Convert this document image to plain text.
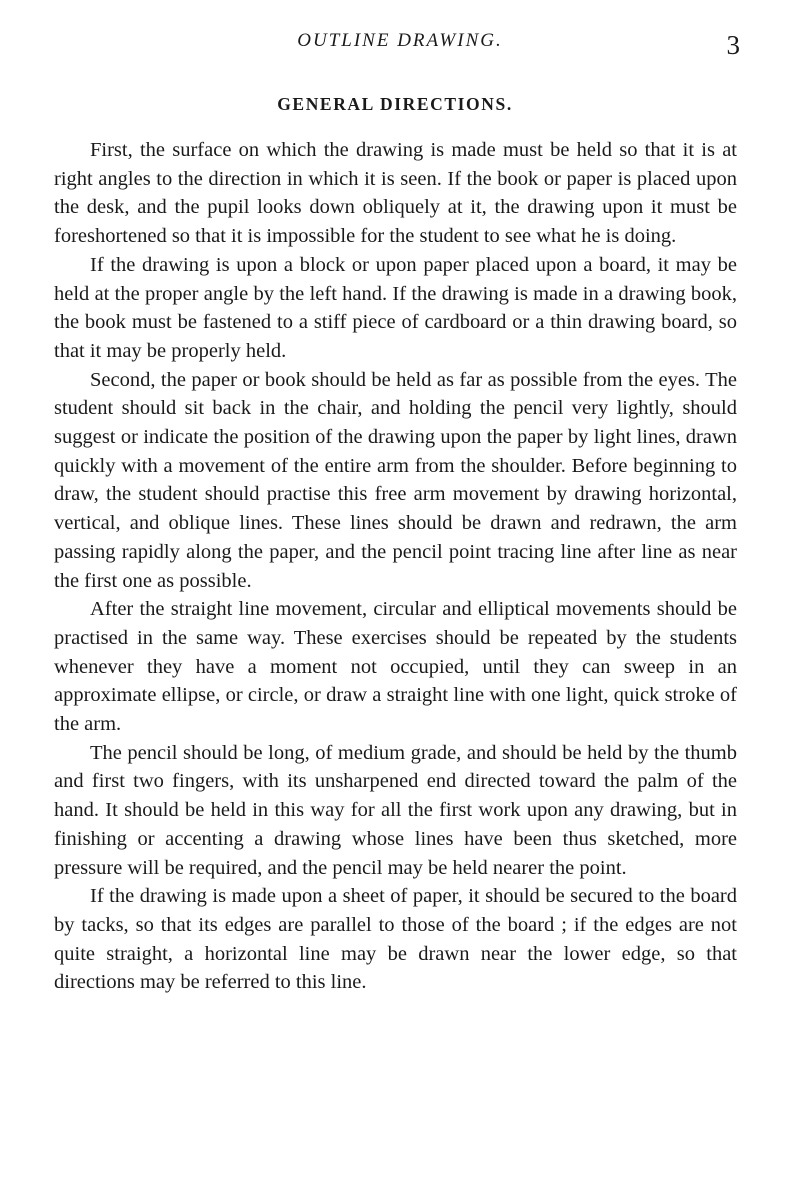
OUTLINE DRAWING.	3
GENERAL DIRECTIONS.

First, the surface on which the drawing is made must be held so that it is at right angles to the direction in which it is seen. If the book or paper is placed upon the desk, and the pupil looks down obliquely at it, the drawing upon it must be foreshortened so that it is impossible for the student to see what he is doing.

If the drawing is upon a block or upon paper placed upon a board, it may be held at the proper angle by the left hand. If the drawing is made in a drawing book, the book must be fastened to a stiff piece of cardboard or a thin drawing board, so that it may be properly held.

Second, the paper or book should be held as far as possible from the eyes. The student should sit back in the chair, and holding the pencil very lightly, should suggest or indicate the position of the drawing upon the paper by light lines, drawn quickly with a movement of the entire arm from the shoulder. Before beginning to draw, the student should practise this free arm movement by drawing horizontal, vertical, and oblique lines. These lines should be drawn and redrawn, the arm passing rapidly along the paper, and the pencil point tracing line after line as near the first one as possible.

After the straight line movement, circular and elliptical movements should be practised in the same way. These exercises should be repeated by the students whenever they have a moment not occupied, until they can sweep in an approximate ellipse, or circle, or draw a straight line with one light, quick stroke of the arm.

The pencil should be long, of medium grade, and should be held by the thumb and first two fingers, with its unsharpened end directed toward the palm of the hand. It should be held in this way for all the first work upon any drawing, but in finishing or accenting a drawing whose lines have been thus sketched, more pressure will be required, and the pencil may be held nearer the point.

If the drawing is made upon a sheet of paper, it should be secured to the board by tacks, so that its edges are parallel to those of the board ; if the edges are not quite straight, a horizontal line may be drawn near the lower edge, so that directions may be referred to this line.
